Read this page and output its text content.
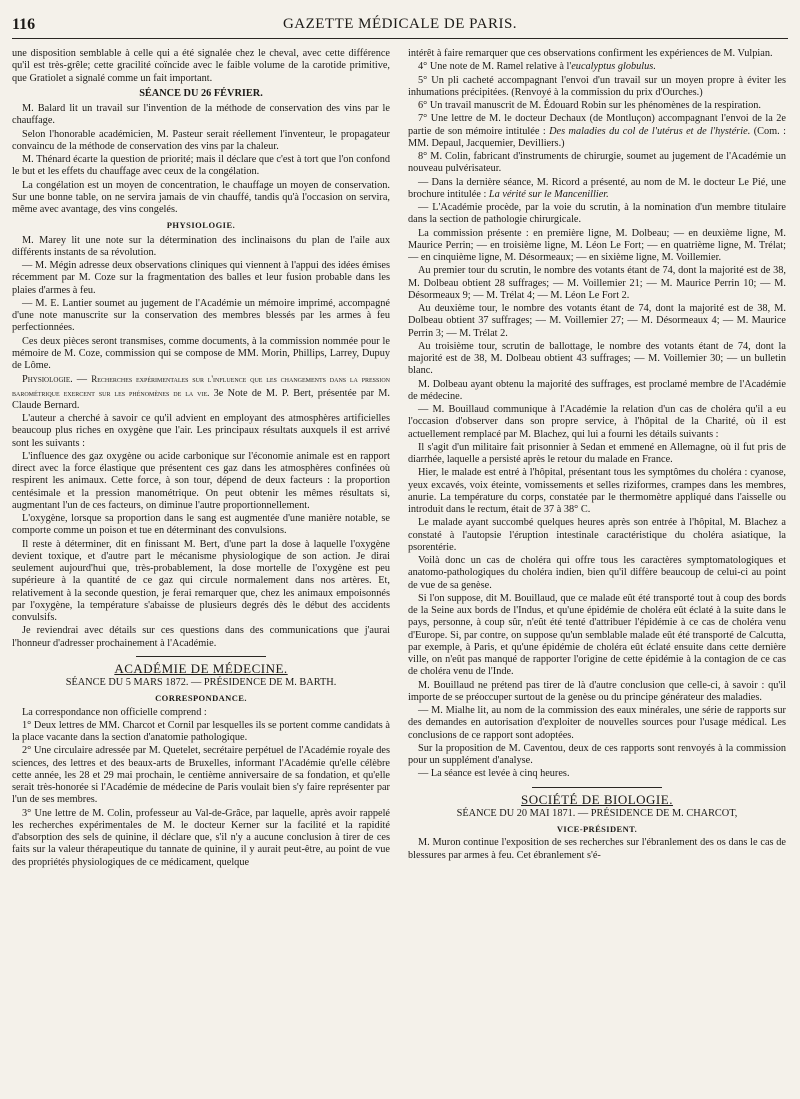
116	GAZETTE MÉDICALE DE PARIS.

une disposition semblable à celle qui a été signalée chez le cheval, avec cette différence qu'il est très-grêle; cette gracilité coïncide avec le faible volume de la carotide primitive, que Gratiolet a signalé comme un fait important.

SÉANCE DU 26 FÉVRIER.

M. Balard lit un travail sur l'invention de la méthode de conservation des vins par le chauffage.

Selon l'honorable académicien, M. Pasteur serait réellement l'inventeur, le propagateur convaincu de la méthode de conservation des vins par la chaleur.

M. Thénard écarte la question de priorité; mais il déclare que c'est à tort que l'on confond le but et les effets du chauffage avec ceux de la congélation.

La congélation est un moyen de concentration, le chauffage un moyen de conservation. Sur une bonne table, on ne servira jamais de vin chauffé, tandis qu'à l'occasion on servira, même avec avantage, des vins congelés.

PHYSIOLOGIE.

M. Marey lit une note sur la détermination des inclinaisons du plan de l'aile aux différents instants de sa révolution.

— M. Mégin adresse deux observations cliniques qui viennent à l'appui des idées émises récemment par M. Coze sur la fragmentation des balles et leur fusion probable dans les plaies d'armes à feu.

— M. E. Lantier soumet au jugement de l'Académie un mémoire imprimé, accompagné d'une note manuscrite sur la conservation des membres blessés par les armes à feu perfectionnées.

Ces deux pièces seront transmises, comme documents, à la commission nommée pour le mémoire de M. Coze, commission qui se compose de MM. Morin, Phillips, Larrey, Dupuy de Lôme.

Physiologie. — Recherches expérimentales sur l'influence que les changements dans la pression barométrique exercent sur les phénomènes de la vie. 3e Note de M. P. Bert, présentée par M. Claude Bernard.

L'auteur a cherché à savoir ce qu'il advient en employant des atmosphères artificielles beaucoup plus riches en oxygène que l'air. Les principaux résultats auxquels il est arrivé sont les suivants :

L'influence des gaz oxygène ou acide carbonique sur l'économie animale est en rapport direct avec la force élastique que présentent ces gaz dans les atmosphères confinées où respirent les animaux. Cette force, à son tour, dépend de deux facteurs : la proportion centésimale et la pression manométrique. On peut obtenir les mêmes résultats si, augmentant l'un de ces facteurs, on diminue l'autre proportionnellement.

L'oxygène, lorsque sa proportion dans le sang est augmentée d'une manière notable, se comporte comme un poison et tue en déterminant des convulsions.

Il reste à déterminer, dit en finissant M. Bert, d'une part la dose à laquelle l'oxygène devient toxique, et d'autre part le mécanisme physiologique de son action. Je dirai seulement aujourd'hui que, très-probablement, la dose mortelle de l'oxygène est peu supérieure à la quantité de ce gaz qui circule normalement dans nos artères. Et, relativement à la seconde question, je ferai remarquer que, chez les animaux empoisonnés par l'oxygène, la température s'abaisse de plusieurs degrés dès le début des accidents convulsifs.

Je reviendrai avec détails sur ces questions dans des communications que j'aurai l'honneur d'adresser prochainement à l'Académie.

ACADÉMIE DE MÉDECINE.
SÉANCE DU 5 MARS 1872. — PRÉSIDENCE DE M. BARTH.
CORRESPONDANCE.

La correspondance non officielle comprend :

1° Deux lettres de MM. Charcot et Cornil par lesquelles ils se portent comme candidats à la place vacante dans la section d'anatomie pathologique.

2° Une circulaire adressée par M. Quetelet, secrétaire perpétuel de l'Académie royale des sciences, des lettres et des beaux-arts de Bruxelles, informant l'Académie qu'elle célèbre cette année, les 28 et 29 mai prochain, le centième anniversaire de sa fondation, et qu'elle serait très-honorée si l'Académie de médecine de Paris voulait bien s'y faire représenter par l'un de ses membres.

3° Une lettre de M. Colin, professeur au Val-de-Grâce, par laquelle, après avoir rappelé les recherches expérimentales de M. le docteur Kerner sur la facilité et la rapidité d'absorption des sels de quinine, il déclare que, s'il n'y a aucune conclusion à tirer de ces faits sur la valeur thérapeutique du tannate de quinine, il y aurait peut-être, au point de vue des propriétés physiologiques de ce médicament, quelque

intérêt à faire remarquer que ces observations confirment les expériences de M. Vulpian.

4° Une note de M. Ramel relative à l'eucalyptus globulus.

5° Un pli cacheté accompagnant l'envoi d'un travail sur un moyen propre à éviter les inhumations précipitées. (Renvoyé à la commission du prix d'Ourches.)

6° Un travail manuscrit de M. Édouard Robin sur les phénomènes de la respiration.

7° Une lettre de M. le docteur Dechaux (de Montluçon) accompagnant l'envoi de la 2e partie de son mémoire intitulée : Des maladies du col de l'utérus et de l'hystérie. (Com. : MM. Depaul, Jacquemier, Devilliers.)

8° M. Colin, fabricant d'instruments de chirurgie, soumet au jugement de l'Académie un nouveau pulvérisateur.

— Dans la dernière séance, M. Ricord a présenté, au nom de M. le docteur Le Pié, une brochure intitulée : La vérité sur le Mancenillier.

— L'Académie procède, par la voie du scrutin, à la nomination d'un membre titulaire dans la section de pathologie chirurgicale.

La commission présente : en première ligne, M. Dolbeau; — en deuxième ligne, M. Maurice Perrin; — en troisième ligne, M. Léon Le Fort; — en quatrième ligne, M. Trélat; — en cinquième ligne, M. Désormeaux; — en sixième ligne, M. Voillemier.

Au premier tour du scrutin, le nombre des votants étant de 74, dont la majorité est de 38, M. Dolbeau obtient 28 suffrages; — M. Voillemier 21; — M. Maurice Perrin 10; — M. Désormeaux 9; — M. Trélat 4; — M. Léon Le Fort 2.

Au deuxième tour, le nombre des votants étant de 74, dont la majorité est de 38, M. Dolbeau obtient 37 suffrages; — M. Voillemier 27; — M. Désormeaux 4; — M. Maurice Perrin 3; — M. Trélat 2.

Au troisième tour, scrutin de ballottage, le nombre des votants étant de 74, dont la majorité est de 38, M. Dolbeau obtient 43 suffrages; — M. Voillemier 30; — un bulletin blanc.

M. Dolbeau ayant obtenu la majorité des suffrages, est proclamé membre de l'Académie de médecine.

— M. Bouillaud communique à l'Académie la relation d'un cas de choléra qu'il a eu l'occasion d'observer dans son propre service, à l'hôpital de la Charité, où il est actuellement remplacé par M. Blachez, qui lui a fourni les détails suivants :

Il s'agit d'un militaire fait prisonnier à Sedan et emmené en Allemagne, où il fut pris de diarrhée, laquelle a persisté après le retour du malade en France.

Hier, le malade est entré à l'hôpital, présentant tous les symptômes du choléra : cyanose, yeux excavés, voix éteinte, vomissements et selles riziformes, crampes dans les membres, anurie. La température du corps, constatée par le thermomètre appliqué dans l'aisselle ou introduit dans le rectum, était de 37 à 38° C.

Le malade ayant succombé quelques heures après son entrée à l'hôpital, M. Blachez a constaté à l'autopsie l'éruption intestinale caractéristique du choléra asiatique, la psorentérie.

Voilà donc un cas de choléra qui offre tous les caractères symptomatologiques et anatomo-pathologiques du choléra indien, bien qu'il diffère beaucoup de celui-ci au point de vue de sa genèse.

Si l'on suppose, dit M. Bouillaud, que ce malade eût été transporté tout à coup des bords de la Seine aux bords de l'Indus, et qu'une épidémie de choléra eût éclaté à la suite dans le pays, personne, à coup sûr, n'eût été tenté d'attribuer l'épidémie à ce cas de choléra venu d'Europe. Si, par contre, on suppose qu'un semblable malade eût été transporté de Calcutta, par exemple, à Paris, et qu'une épidémie de choléra eût éclaté ensuite dans cette dernière ville, on n'eût pas manqué de rapporter l'origine de cette épidémie à la contagion de ce cas de choléra venu de l'Inde.

M. Bouillaud ne prétend pas tirer de là d'autre conclusion que celle-ci, à savoir : qu'il importe de se préoccuper surtout de la genèse ou du principe générateur des maladies.

— M. Mialhe lit, au nom de la commission des eaux minérales, une série de rapports sur des demandes en autorisation d'exploiter de nouvelles sources pour l'usage médical. Les conclusions de ce rapport sont adoptées.

Sur la proposition de M. Caventou, deux de ces rapports sont renvoyés à la commission pour un supplément d'analyse.

— La séance est levée à cinq heures.

SOCIÉTÉ DE BIOLOGIE.
SÉANCE DU 20 MAI 1871. — PRÉSIDENCE DE M. CHARCOT,
VICE-PRÉSIDENT.

M. Muron continue l'exposition de ses recherches sur l'ébranlement des os dans le cas de blessures par armes à feu. Cet ébranlement s'é-
